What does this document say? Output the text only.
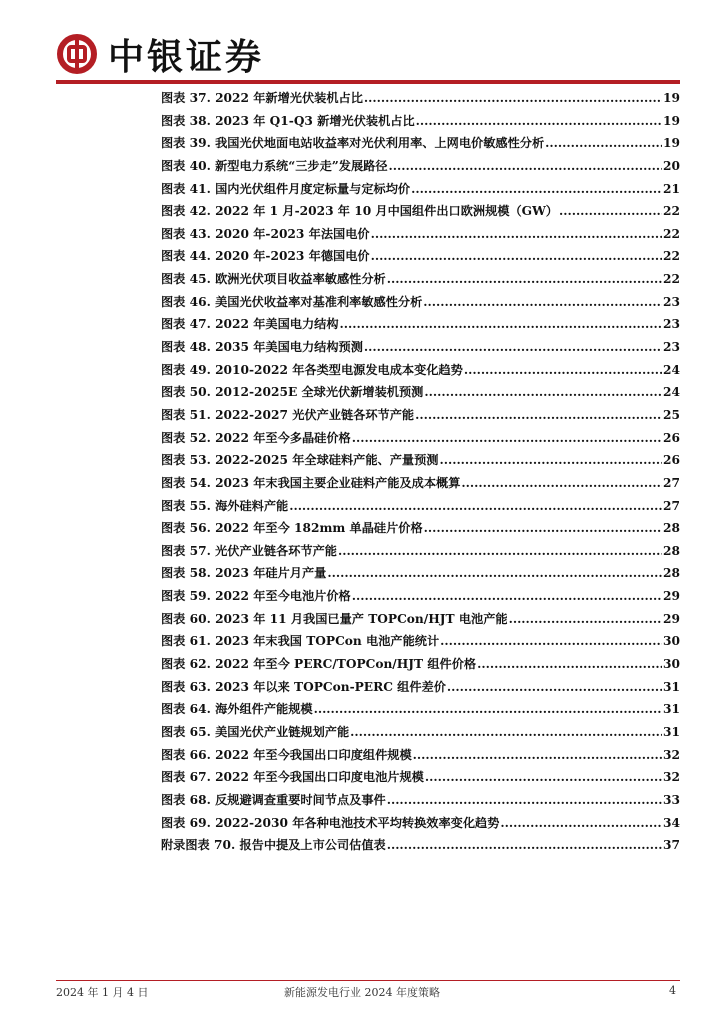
中银证券
图表 37. 2022 年新增光伏装机占比 .....	19
图表 38. 2023 年 Q1-Q3 新增光伏装机占比 .....	19
图表 39. 我国光伏地面电站收益率对光伏利用率、上网电价敏感性分析 .....	19
图表 40. 新型电力系统“三步走”发展路径 .....	20
图表 41. 国内光伏组件月度定标量与定标均价 .....	21
图表 42. 2022 年 1 月-2023 年 10 月中国组件出口欧洲规模（GW） .....	22
图表 43. 2020 年-2023 年法国电价 .....	22
图表 44. 2020 年-2023 年德国电价 .....	22
图表 45. 欧洲光伏项目收益率敏感性分析 .....	22
图表 46. 美国光伏收益率对基准利率敏感性分析 .....	23
图表 47. 2022 年美国电力结构 .....	23
图表 48. 2035 年美国电力结构预测 .....	23
图表 49. 2010-2022 年各类型电源发电成本变化趋势 .....	24
图表 50. 2012-2025E 全球光伏新增装机预测 .....	24
图表 51. 2022-2027 光伏产业链各环节产能 .....	25
图表 52. 2022 年至今多晶硅价格 .....	26
图表 53. 2022-2025 年全球硅料产能、产量预测 .....	26
图表 54. 2023 年末我国主要企业硅料产能及成本概算 .....	27
图表 55. 海外硅料产能 .....	27
图表 56. 2022 年至今 182mm 单晶硅片价格 .....	28
图表 57. 光伏产业链各环节产能 .....	28
图表 58. 2023 年硅片月产量 .....	28
图表 59. 2022 年至今电池片价格 .....	29
图表 60. 2023 年 11 月我国已量产 TOPCon/HJT 电池产能 .....	29
图表 61. 2023 年末我国 TOPCon 电池产能统计 .....	30
图表 62. 2022 年至今 PERC/TOPCon/HJT 组件价格 .....	30
图表 63. 2023 年以来 TOPCon-PERC 组件差价 .....	31
图表 64. 海外组件产能规模 .....	31
图表 65. 美国光伏产业链规划产能 .....	31
图表 66. 2022 年至今我国出口印度组件规模 .....	32
图表 67. 2022 年至今我国出口印度电池片规模 .....	32
图表 68. 反规避调查重要时间节点及事件 .....	33
图表 69. 2022-2030 年各种电池技术平均转换效率变化趋势 .....	34
附录图表 70. 报告中提及上市公司估值表 .....	37
2024 年 1 月 4 日	新能源发电行业 2024 年度策略	4
